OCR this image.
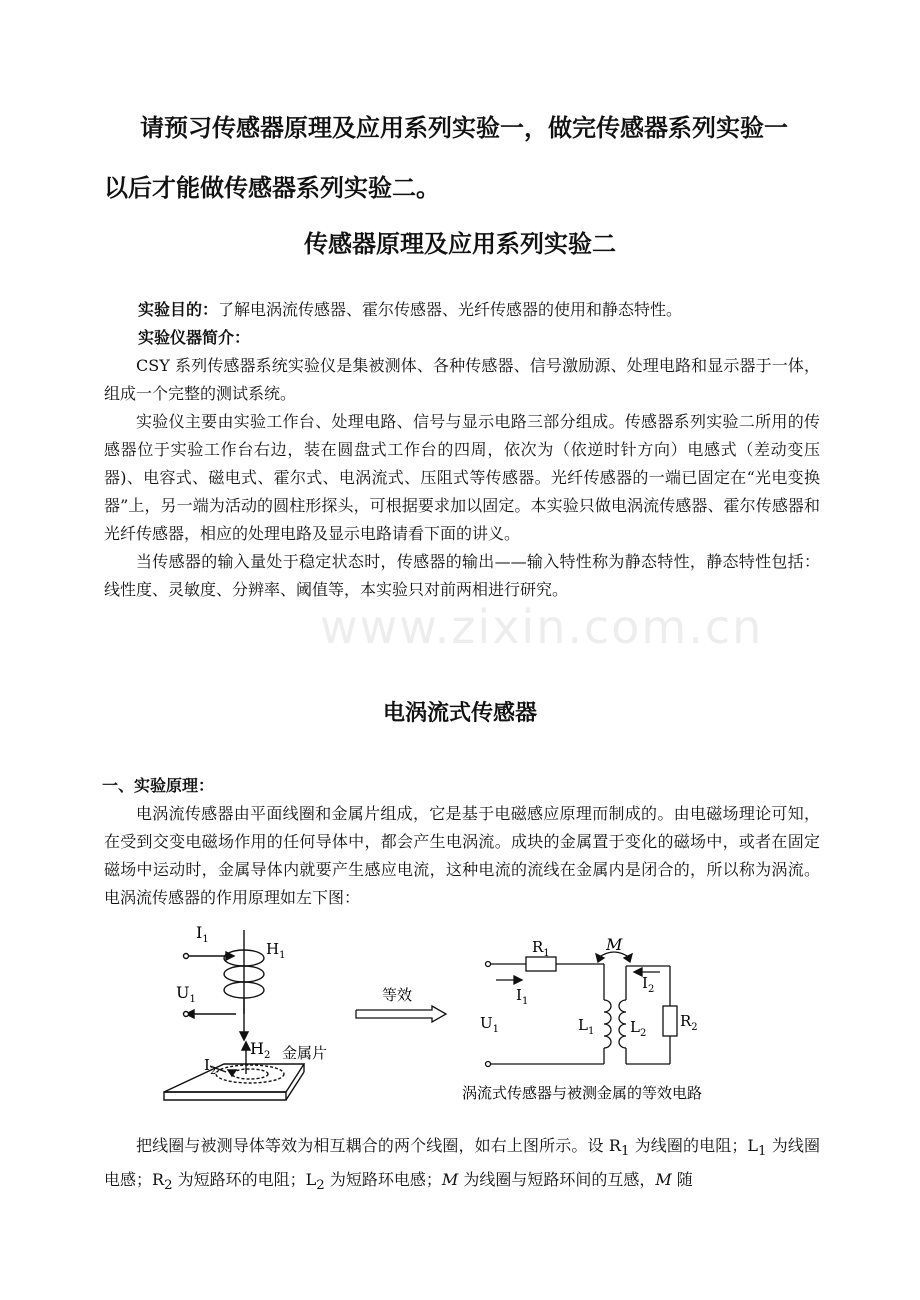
www.zixin.com.cn
请预习传感器原理及应用系列实验一，做完传感器系列实验一
以后才能做传感器系列实验二。
传感器原理及应用系列实验二
实验目的：了解电涡流传感器、霍尔传感器、光纤传感器的使用和静态特性。
实验仪器简介：
CSY 系列传感器系统实验仪是集被测体、各种传感器、信号激励源、处理电路和显示器于一体，组成一个完整的测试系统。
实验仪主要由实验工作台、处理电路、信号与显示电路三部分组成。传感器系列实验二所用的传感器位于实验工作台右边，装在圆盘式工作台的四周，依次为（依逆时针方向）电感式（差动变压器)、电容式、磁电式、霍尔式、电涡流式、压阻式等传感器。光纤传感器的一端已固定在“光电变换器”上，另一端为活动的圆柱形探头，可根据要求加以固定。本实验只做电涡流传感器、霍尔传感器和光纤传感器，相应的处理电路及显示电路请看下面的讲义。
当传感器的输入量处于稳定状态时，传感器的输出——输入特性称为静态特性，静态特性包括：线性度、灵敏度、分辨率、阈值等，本实验只对前两相进行研究。
电涡流式传感器
一、实验原理：
电涡流传感器由平面线圈和金属片组成，它是基于电磁感应原理而制成的。由电磁场理论可知，在受到交变电磁场作用的任何导体中，都会产生电涡流。成块的金属置于变化的磁场中，或者在固定磁场中运动时，金属导体内就要产生感应电流，这种电流的流线在金属内是闭合的，所以称为涡流。电涡流传感器的作用原理如左下图：
$I_1$
$H_1$
$U_1$
$H_2$
$I_2$
金属片
等效
$R_1$	M
$I_1$
$I_2$
$U_1$	$L_1$ $L_2$
$R_2$
涡流式传感器与被测金属的等效电路
把线圈与被测导体等效为相互耦合的两个线圈，如右上图所示。设 $R_1$ 为线圈的电阻；$L_1$ 为线圈电感；$R_2$ 为短路环的电阻；$L_2$ 为短路环电感；M 为线圈与短路环间的互感，M 随
